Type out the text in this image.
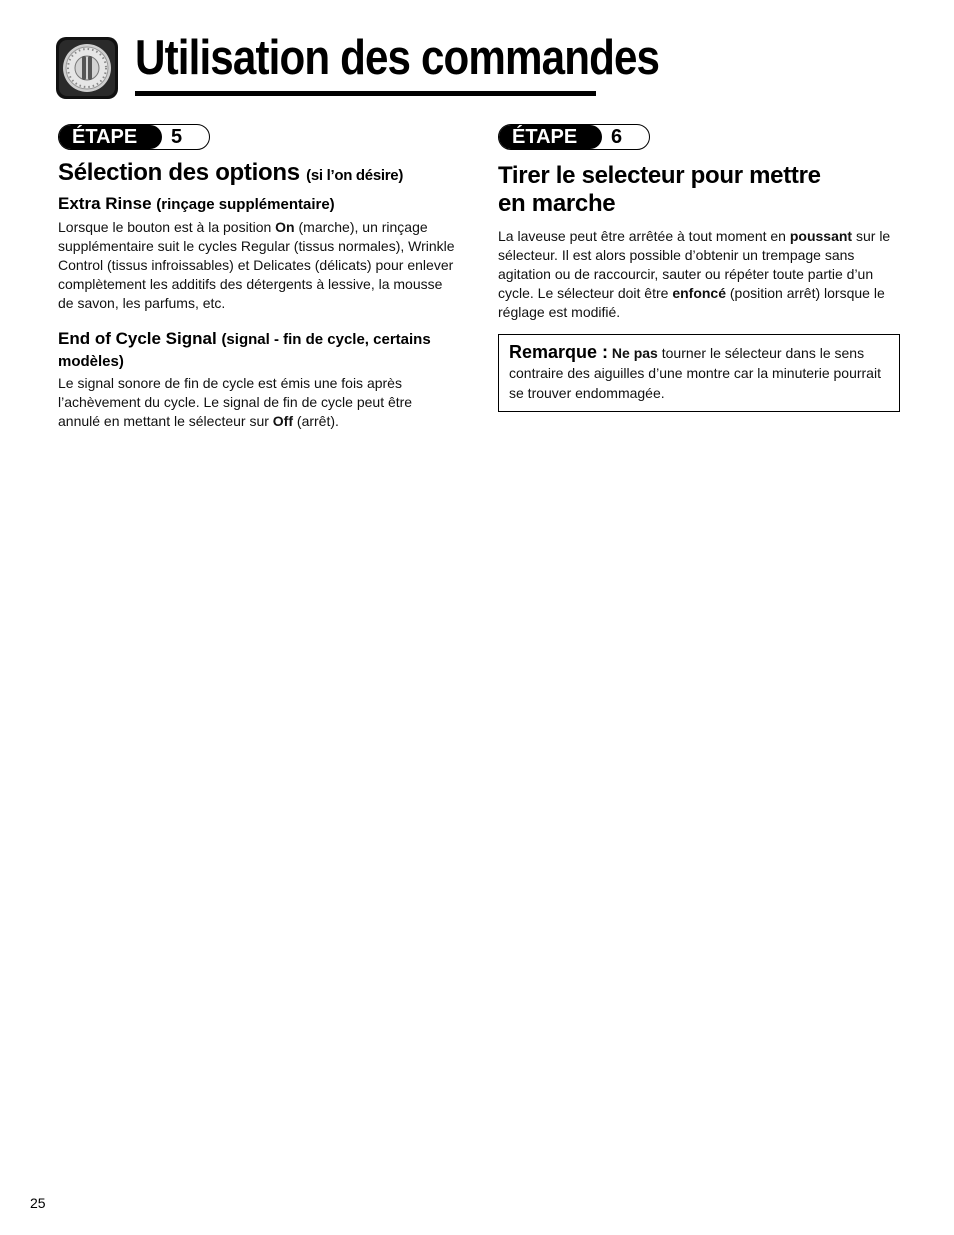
Utilisation des commandes
ÉTAPE	5
Sélection des options (si l’on désire)
Extra Rinse (rinçage supplémentaire)

Lorsque le bouton est à la position On (marche), un rinçage supplémentaire suit le cycles Regular (tissus normales), Wrinkle Control (tissus infroissables) et Delicates (délicats) pour enlever complètement les additifs des détergents à lessive, la mousse de savon, les parfums, etc.

End of Cycle Signal (signal - fin de cycle, certains modèles)

Le signal sonore de fin de cycle est émis une fois après l’achèvement du cycle. Le signal de fin de cycle peut être annulé en mettant le sélecteur sur Off (arrêt).

ÉTAPE	6
Tirer le selecteur pour mettre
en marche

La laveuse peut être arrêtée à tout moment en poussant sur le sélecteur. Il est alors possible d’obtenir un trempage sans agitation ou de raccourcir, sauter ou répéter toute partie d’un cycle. Le sélecteur doit être enfoncé (position arrêt) lorsque le réglage est modifié.

Remarque : Ne pas tourner le sélecteur dans le sens contraire des aiguilles d’une montre car la minuterie pourrait se trouver endommagée.
25
